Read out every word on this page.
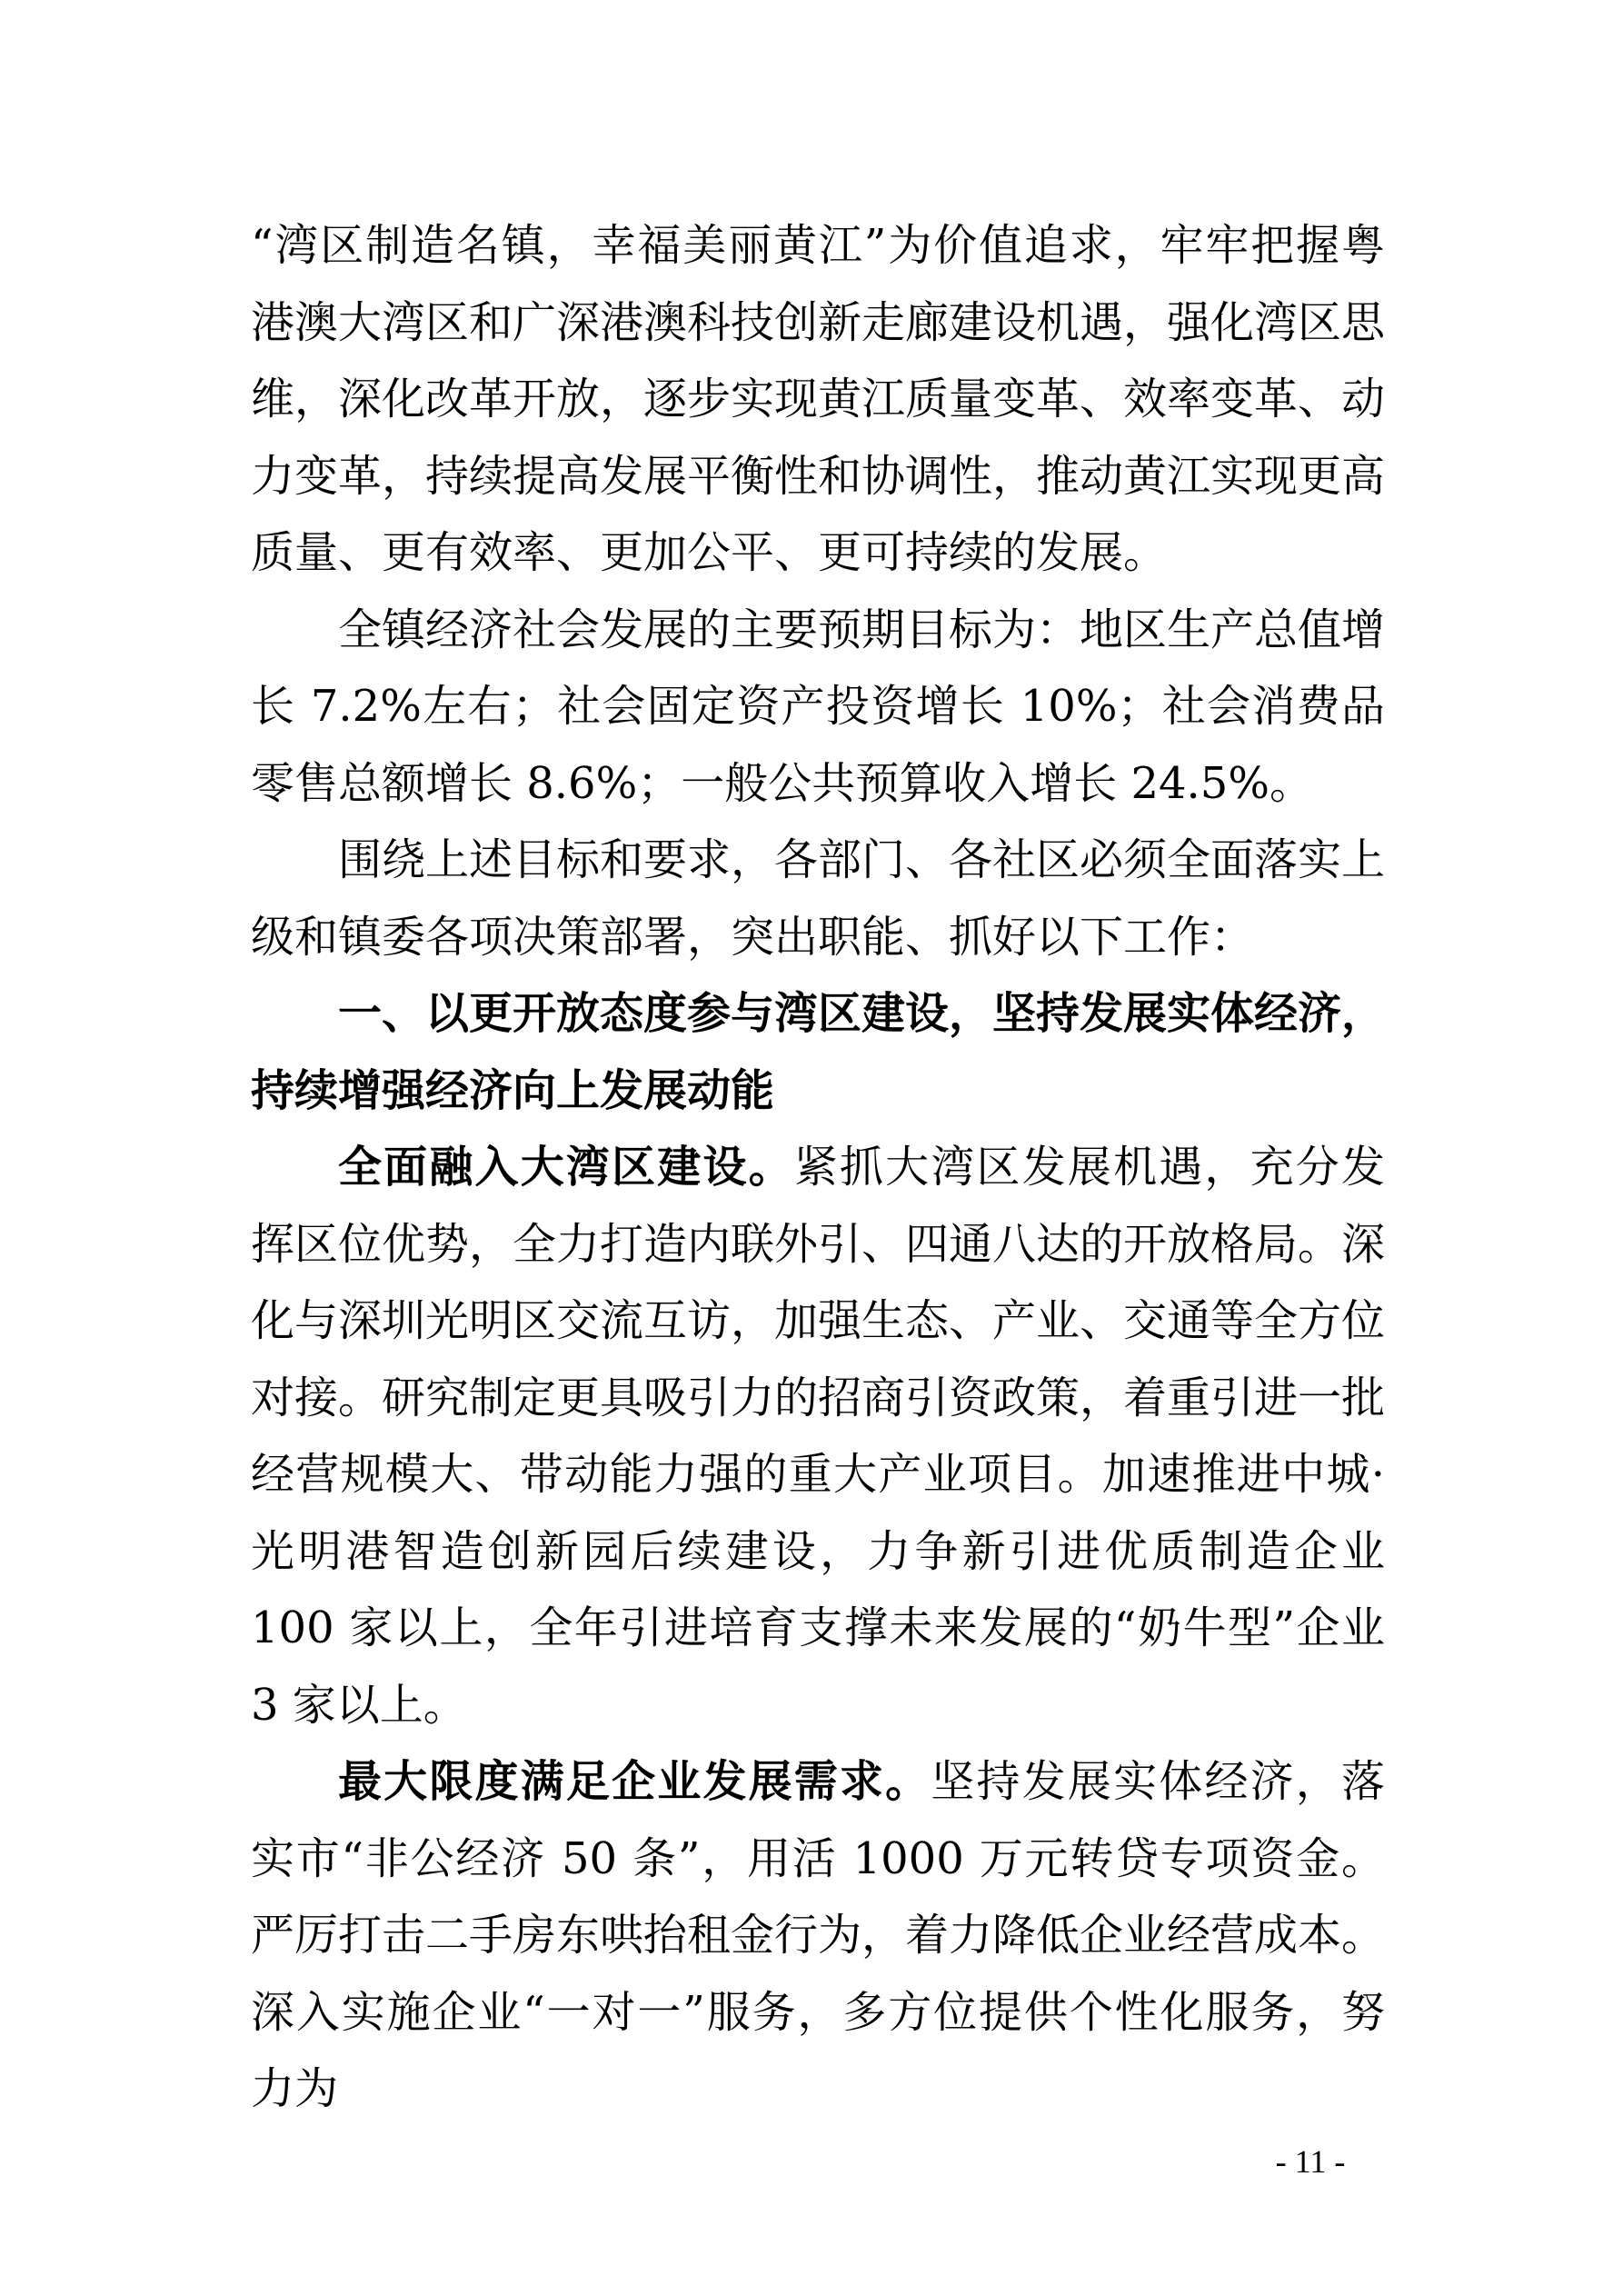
“湾区制造名镇，幸福美丽黄江”为价值追求，牢牢把握粤港澳大湾区和广深港澳科技创新走廊建设机遇，强化湾区思维，深化改革开放，逐步实现黄江质量变革、效率变革、动力变革，持续提高发展平衡性和协调性，推动黄江实现更高质量、更有效率、更加公平、更可持续的发展。

全镇经济社会发展的主要预期目标为：地区生产总值增长 7.2%左右；社会固定资产投资增长 10%；社会消费品零售总额增长 8.6%；一般公共预算收入增长 24.5%。

围绕上述目标和要求，各部门、各社区必须全面落实上级和镇委各项决策部署，突出职能、抓好以下工作：

一、以更开放态度参与湾区建设，坚持发展实体经济，持续增强经济向上发展动能

全面融入大湾区建设。紧抓大湾区发展机遇，充分发挥区位优势，全力打造内联外引、四通八达的开放格局。深化与深圳光明区交流互访，加强生态、产业、交通等全方位对接。研究制定更具吸引力的招商引资政策，着重引进一批经营规模大、带动能力强的重大产业项目。加速推进中城·光明港智造创新园后续建设，力争新引进优质制造企业 100 家以上，全年引进培育支撑未来发展的“奶牛型”企业 3 家以上。

最大限度满足企业发展需求。坚持发展实体经济，落实市“非公经济 50 条”，用活 1000 万元转贷专项资金。严厉打击二手房东哄抬租金行为，着力降低企业经营成本。深入实施企业“一对一”服务，多方位提供个性化服务，努力为

- 11 -
